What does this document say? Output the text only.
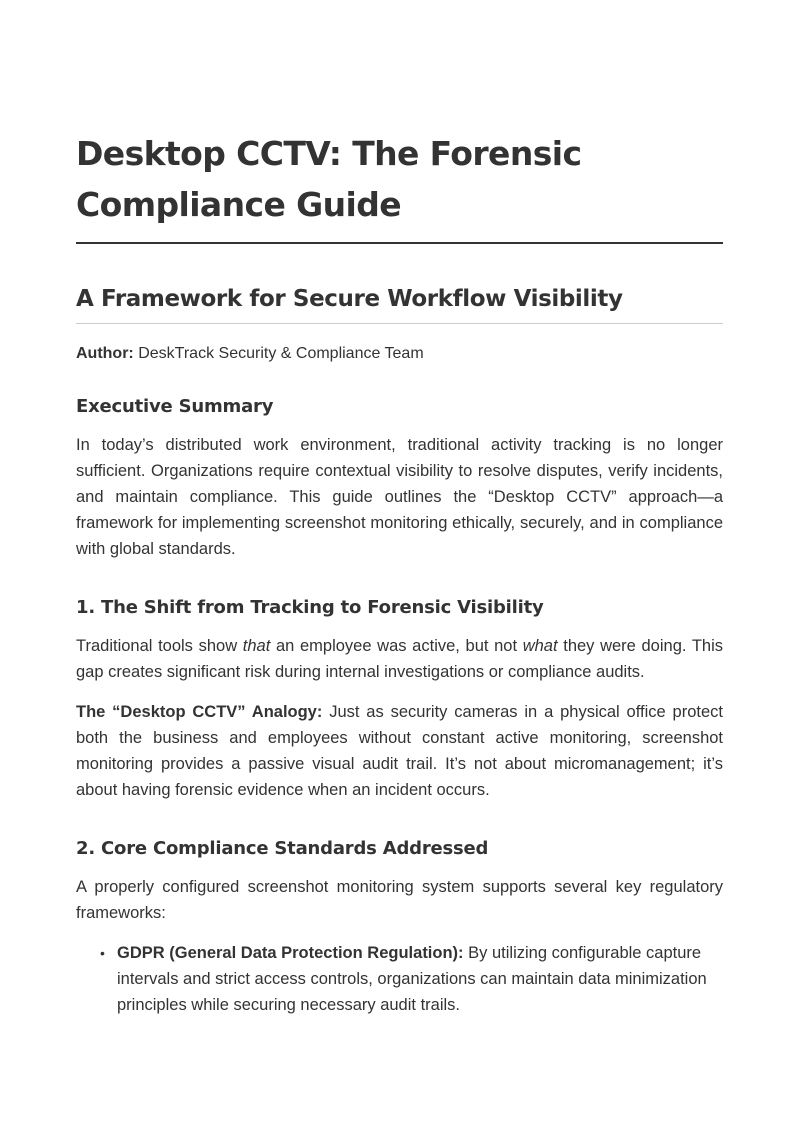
Desktop CCTV: The Forensic Compliance Guide
A Framework for Secure Workflow Visibility
Author: DeskTrack Security & Compliance Team
Executive Summary

In today’s distributed work environment, traditional activity tracking is no longer sufficient. Organizations require contextual visibility to resolve disputes, verify incidents, and maintain compliance. This guide outlines the “Desktop CCTV” approach—a framework for implementing screenshot monitoring ethically, securely, and in compliance with global standards.

1. The Shift from Tracking to Forensic Visibility

Traditional tools show that an employee was active, but not what they were doing. This gap creates significant risk during internal investigations or compliance audits.

The “Desktop CCTV” Analogy: Just as security cameras in a physical office protect both the business and employees without constant active monitoring, screenshot monitoring provides a passive visual audit trail. It’s not about micromanagement; it’s about having forensic evidence when an incident occurs.

2. Core Compliance Standards Addressed

A properly configured screenshot monitoring system supports several key regulatory frameworks:

• GDPR (General Data Protection Regulation): By utilizing configurable capture intervals and strict access controls, organizations can maintain data minimization principles while securing necessary audit trails.
